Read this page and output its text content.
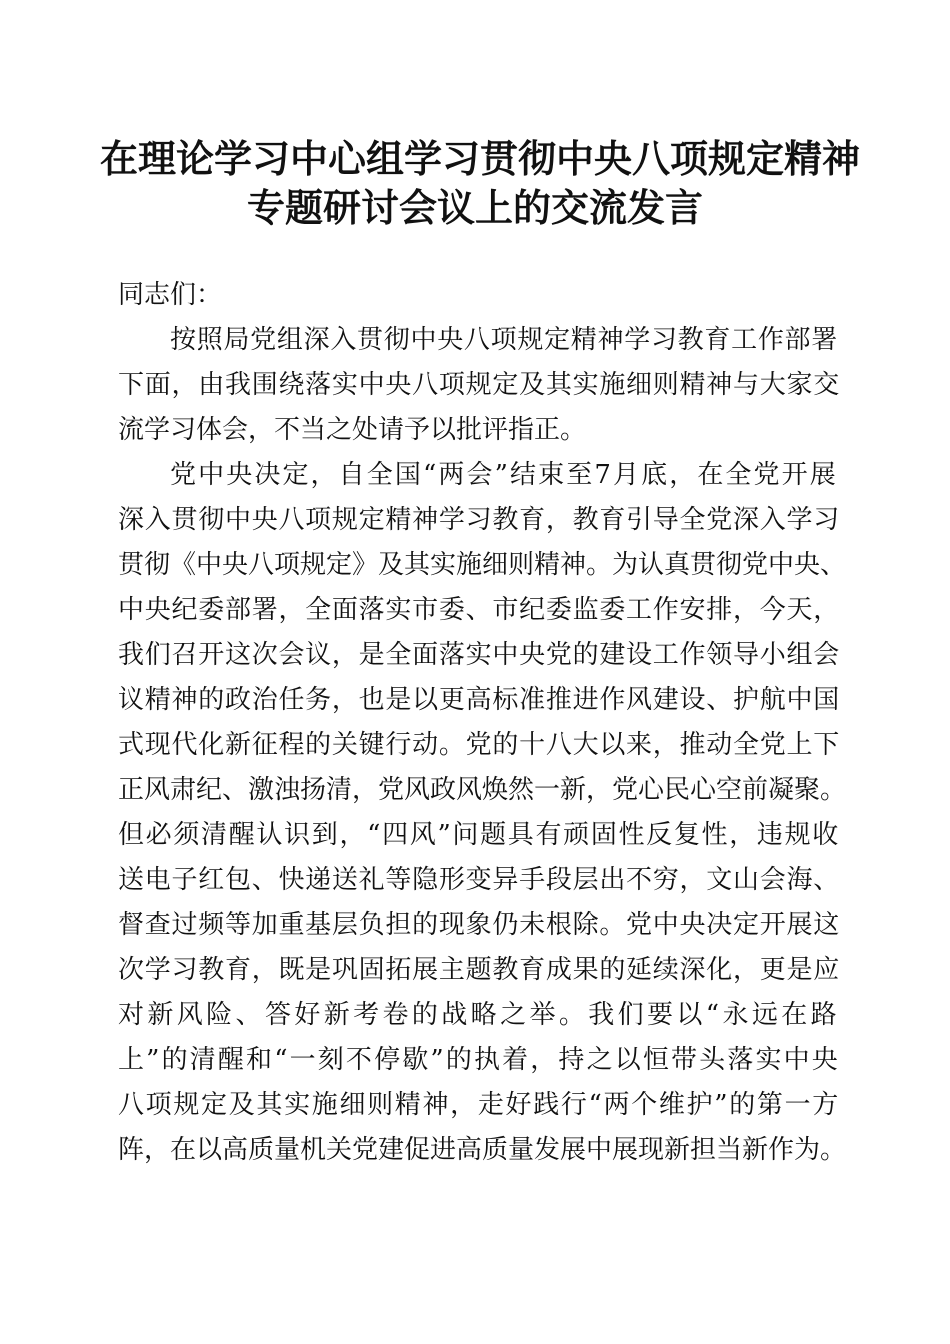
在理论学习中心组学习贯彻中央八项规定精神
专题研讨会议上的交流发言
同志们：
按照局党组深入贯彻中央八项规定精神学习教育工作部署
下面，由我围绕落实中央八项规定及其实施细则精神与大家交
流学习体会，不当之处请予以批评指正。
党中央决定，自全国“两会”结束至7月底，在全党开展
深入贯彻中央八项规定精神学习教育，教育引导全党深入学习
贯彻《中央八项规定》及其实施细则精神。为认真贯彻党中央、
中央纪委部署，全面落实市委、市纪委监委工作安排，今天，
我们召开这次会议，是全面落实中央党的建设工作领导小组会
议精神的政治任务，也是以更高标准推进作风建设、护航中国
式现代化新征程的关键行动。党的十八大以来，推动全党上下
正风肃纪、激浊扬清，党风政风焕然一新，党心民心空前凝聚。
但必须清醒认识到，“四风”问题具有顽固性反复性，违规收
送电子红包、快递送礼等隐形变异手段层出不穷，文山会海、
督查过频等加重基层负担的现象仍未根除。党中央决定开展这
次学习教育，既是巩固拓展主题教育成果的延续深化，更是应
对新风险、答好新考卷的战略之举。我们要以“永远在路
上”的清醒和“一刻不停歇”的执着，持之以恒带头落实中央
八项规定及其实施细则精神，走好践行“两个维护”的第一方
阵，在以高质量机关党建促进高质量发展中展现新担当新作为。
